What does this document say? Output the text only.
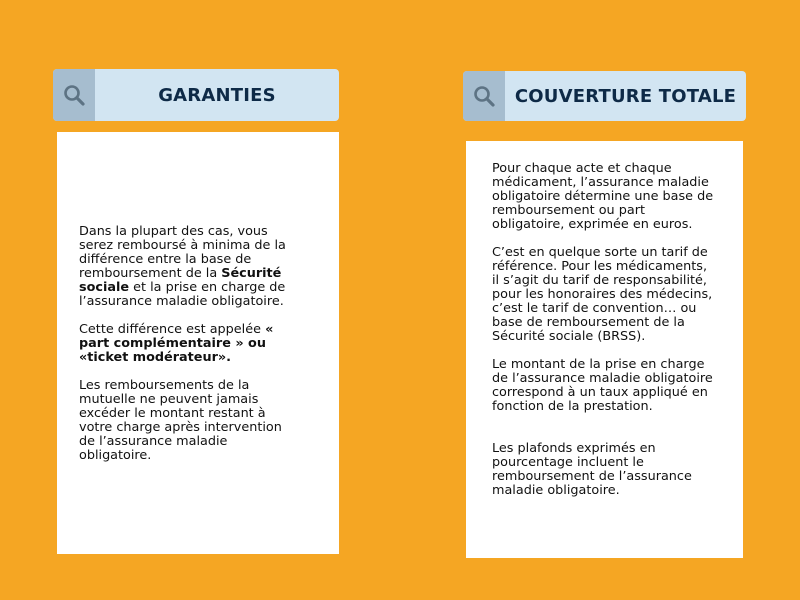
GARANTIES

Dans la plupart des cas, vous serez remboursé à minima de la différence entre la base de remboursement de la Sécurité sociale et la prise en charge de l’assurance maladie obligatoire.

Cette différence est appelée « part complémentaire » ou «ticket modérateur».

Les remboursements de la mutuelle ne peuvent jamais excéder le montant restant à votre charge après intervention de l’assurance maladie obligatoire.

COUVERTURE TOTALE

Pour chaque acte et chaque médicament, l’assurance maladie obligatoire détermine une base de remboursement ou part obligatoire, exprimée en euros.

C’est en quelque sorte un tarif de référence. Pour les médicaments, il s’agit du tarif de responsabilité, pour les honoraires des médecins, c’est le tarif de convention… ou base de remboursement de la Sécurité sociale (BRSS).

Le montant de la prise en charge de l’assurance maladie obligatoire correspond à un taux appliqué en fonction de la prestation.

Les plafonds exprimés en pourcentage incluent le remboursement de l’assurance maladie obligatoire.
